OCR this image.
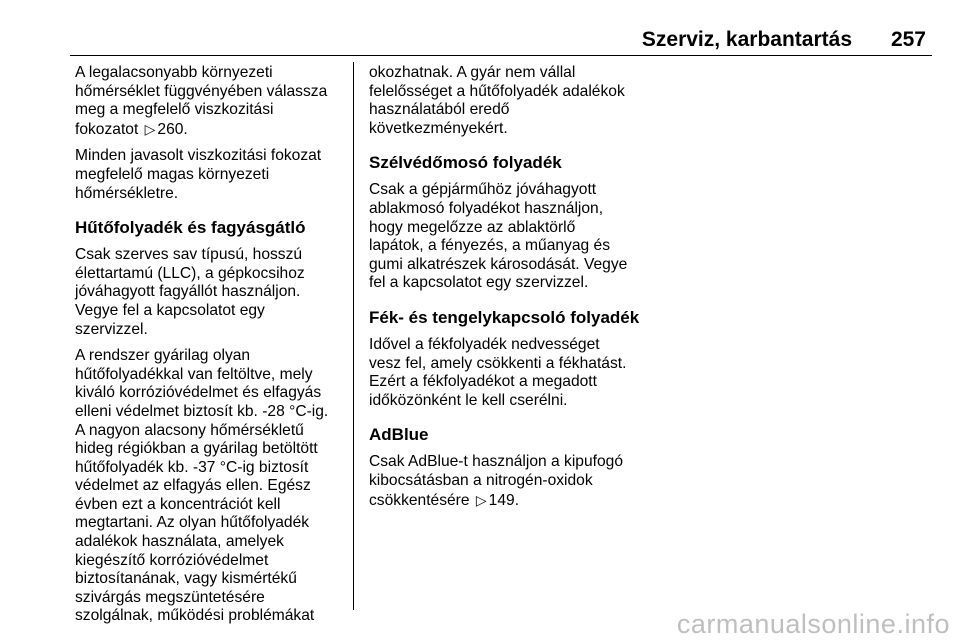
Szerviz, karbantartás 257

A legalacsonyabb környezeti
hőmérséklet függvényében válassza
meg a megfelelő viszkozitási
fokozatot ▷ 260.

Minden javasolt viszkozitási fokozat
megfelelő magas környezeti
hőmérsékletre.

Hűtőfolyadék és fagyásgátló

Csak szerves sav típusú, hosszú
élettartamú (LLC), a gépkocsihoz
jóváhagyott fagyállót használjon.
Vegye fel a kapcsolatot egy
szervizzel.

A rendszer gyárilag olyan
hűtőfolyadékkal van feltöltve, mely
kiváló korrózióvédelmet és elfagyás
elleni védelmet biztosít kb. -28 °C-ig.
A nagyon alacsony hőmérsékletű
hideg régiókban a gyárilag betöltött
hűtőfolyadék kb. -37 °C-ig biztosít
védelmet az elfagyás ellen. Egész
évben ezt a koncentrációt kell
megtartani. Az olyan hűtőfolyadék
adalékok használata, amelyek
kiegészítő korrózióvédelmet
biztosítanának, vagy kismértékű
szivárgás megszüntetésére
szolgálnak, működési problémákat

okozhatnak. A gyár nem vállal
felelősséget a hűtőfolyadék adalékok
használatából eredő
következményekért.

Szélvédőmosó folyadék

Csak a gépjárműhöz jóváhagyott
ablakmosó folyadékot használjon,
hogy megelőzze az ablaktörlő
lapátok, a fényezés, a műanyag és
gumi alkatrészek károsodását. Vegye
fel a kapcsolatot egy szervizzel.

Fék- és tengelykapcsoló folyadék

Idővel a fékfolyadék nedvességet
vesz fel, amely csökkenti a fékhatást.
Ezért a fékfolyadékot a megadott
időközönként le kell cserélni.

AdBlue

Csak AdBlue-t használjon a kipufogó
kibocsátásban a nitrogén-oxidok
csökkentésére ▷ 149.

carmanualsonline.info
